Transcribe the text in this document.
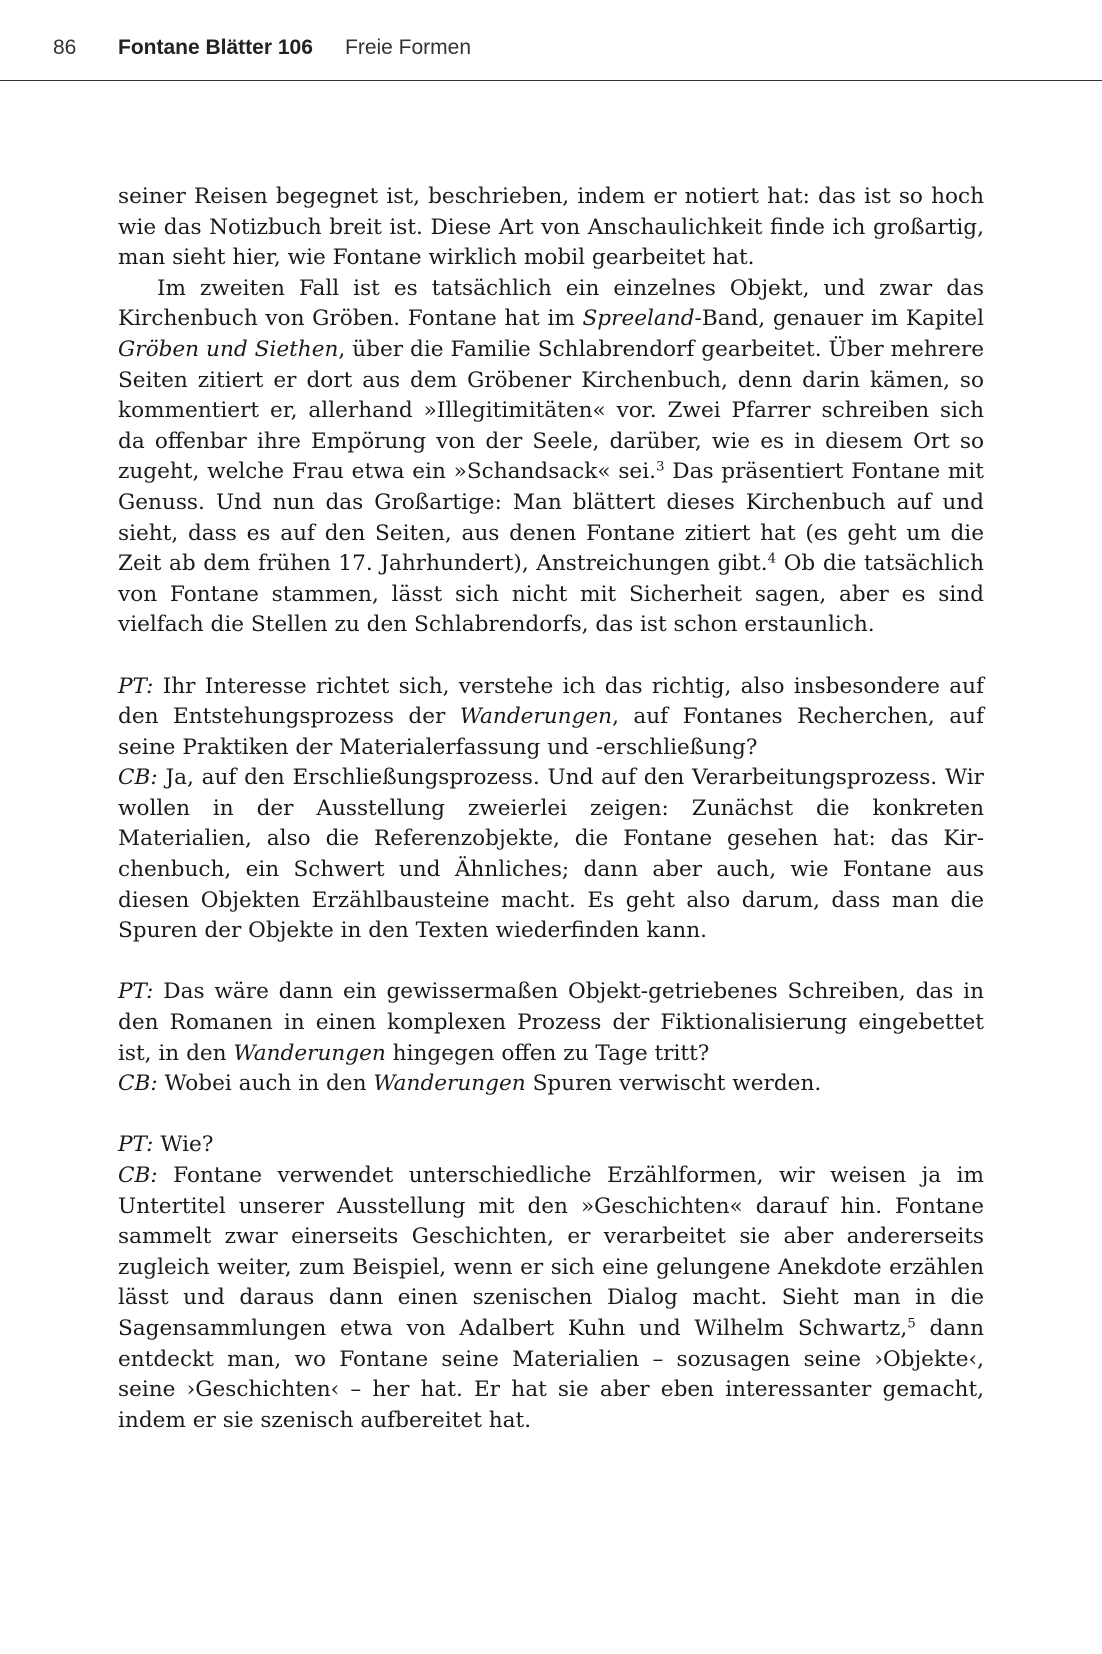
86 Fontane Blätter 106 Freie Formen

seiner Reisen begegnet ist, beschrieben, indem er notiert hat: das ist so hoch wie das Notizbuch breit ist. Diese Art von Anschaulichkeit finde ich großartig, man sieht hier, wie Fontane wirklich mobil gearbeitet hat.

Im zweiten Fall ist es tatsächlich ein einzelnes Objekt, und zwar das Kirchenbuch von Gröben. Fontane hat im Spreeland-Band, genauer im Kapitel Gröben und Siethen, über die Familie Schlabrendorf gearbeitet. Über mehrere Seiten zitiert er dort aus dem Gröbener Kirchenbuch, denn darin kämen, so kommentiert er, allerhand »Illegitimitäten« vor. Zwei Pfarrer schreiben sich da offenbar ihre Empörung von der Seele, darüber, wie es in diesem Ort so zugeht, welche Frau etwa ein »Schandsack« sei.$^3$ Das präsentiert Fontane mit Genuss. Und nun das Großartige: Man blättert dieses Kirchenbuch auf und sieht, dass es auf den Seiten, aus denen Fontane zitiert hat (es geht um die Zeit ab dem frühen 17. Jahrhundert), Anstreichungen gibt.$^4$ Ob die tatsächlich von Fontane stammen, lässt sich nicht mit Sicherheit sagen, aber es sind vielfach die Stellen zu den Schlabrendorfs, das ist schon erstaunlich.

PT: Ihr Interesse richtet sich, verstehe ich das richtig, also insbesondere auf den Entstehungsprozess der Wanderungen, auf Fontanes Recherchen, auf seine Praktiken der Materialerfassung und -erschließung?

CB: Ja, auf den Erschließungsprozess. Und auf den Verarbeitungsprozess. Wir wollen in der Ausstellung zweierlei zeigen: Zunächst die konkreten Materialien, also die Referenzobjekte, die Fontane gesehen hat: das Kirchenbuch, ein Schwert und Ähnliches; dann aber auch, wie Fontane aus diesen Objekten Erzählbausteine macht. Es geht also darum, dass man die Spuren der Objekte in den Texten wiederfinden kann.

PT: Das wäre dann ein gewissermaßen Objekt-getriebenes Schreiben, das in den Romanen in einen komplexen Prozess der Fiktionalisierung eingebettet ist, in den Wanderungen hingegen offen zu Tage tritt?

CB: Wobei auch in den Wanderungen Spuren verwischt werden.

PT: Wie?

CB: Fontane verwendet unterschiedliche Erzählformen, wir weisen ja im Untertitel unserer Ausstellung mit den »Geschichten« darauf hin. Fontane sammelt zwar einerseits Geschichten, er verarbeitet sie aber andererseits zugleich weiter, zum Beispiel, wenn er sich eine gelungene Anekdote erzählen lässt und daraus dann einen szenischen Dialog macht. Sieht man in die Sagensammlungen etwa von Adalbert Kuhn und Wilhelm Schwartz,$^5$ dann entdeckt man, wo Fontane seine Materialien – sozusagen seine ›Objekte‹, seine ›Geschichten‹ – her hat. Er hat sie aber eben interessanter gemacht, indem er sie szenisch aufbereitet hat.
